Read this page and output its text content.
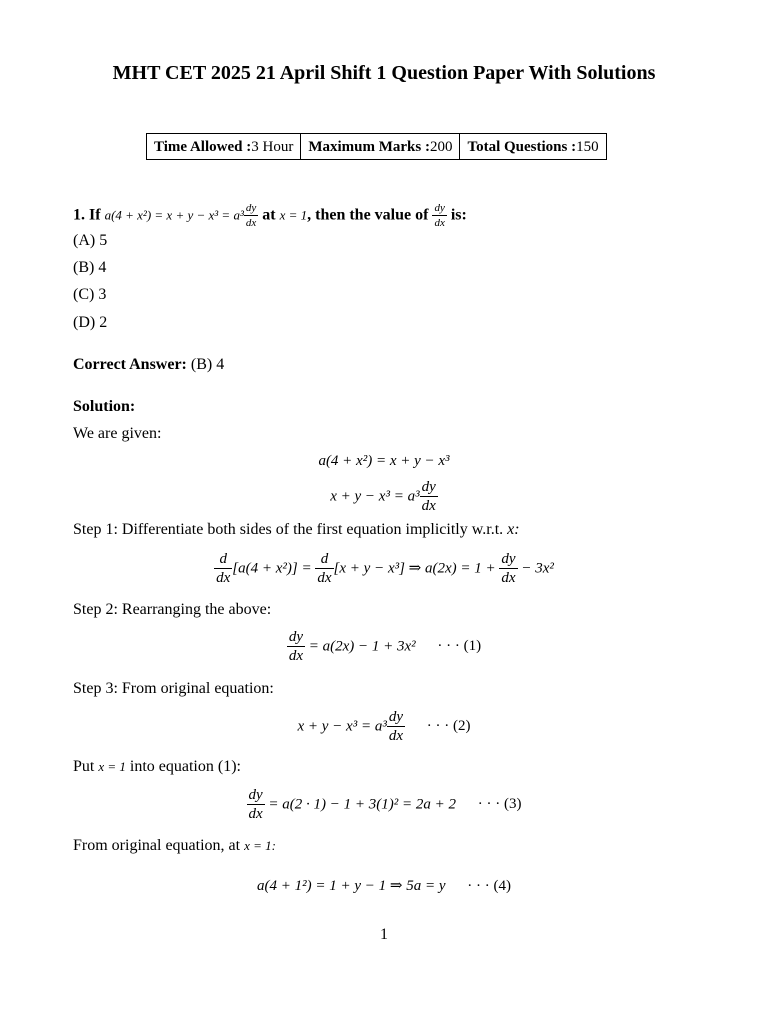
MHT CET 2025 21 April Shift 1 Question Paper With Solutions
Time Allowed :3 Hour	Maximum Marks :200	Total Questions :150
1. If $a(4 + x^2) = x + y - x^3 = a^3 \frac{dy}{dx}$ at x = 1, then the value of $\frac{dy}{dx}$ is:
(A) 5
(B) 4
(C) 3
(D) 2
Correct Answer: (B) 4
Solution:
We are given:
a(4 + x²) = x + y − x³
$x + y - x^3 = a^3 \frac{dy}{dx}$
Step 1: Differentiate both sides of the first equation implicitly w.r.t. x:
$\frac{d}{dx} [a(4 + x^2)] = \frac{d}{dx} [x + y - x^3]$ ⇒ $a(2x) = 1 + \frac{dy}{dx} - 3x^2$
Step 2: Rearranging the above:
$\frac{dy}{dx} = a(2x) - 1 + 3x^2$ · · · (1)
Step 3: From original equation:
$x + y - x^3 = a^3 \frac{dy}{dx}$ · · · (2)
Put x = 1 into equation (1):
$\frac{dy}{dx} = a(2 \cdot 1) - 1 + 3(1)^2 = 2a + 2$ · · · (3)
From original equation, at x = 1:
a(4 + 1²) = 1 + y − 1 ⇒ 5a = y · · · (4)
1
